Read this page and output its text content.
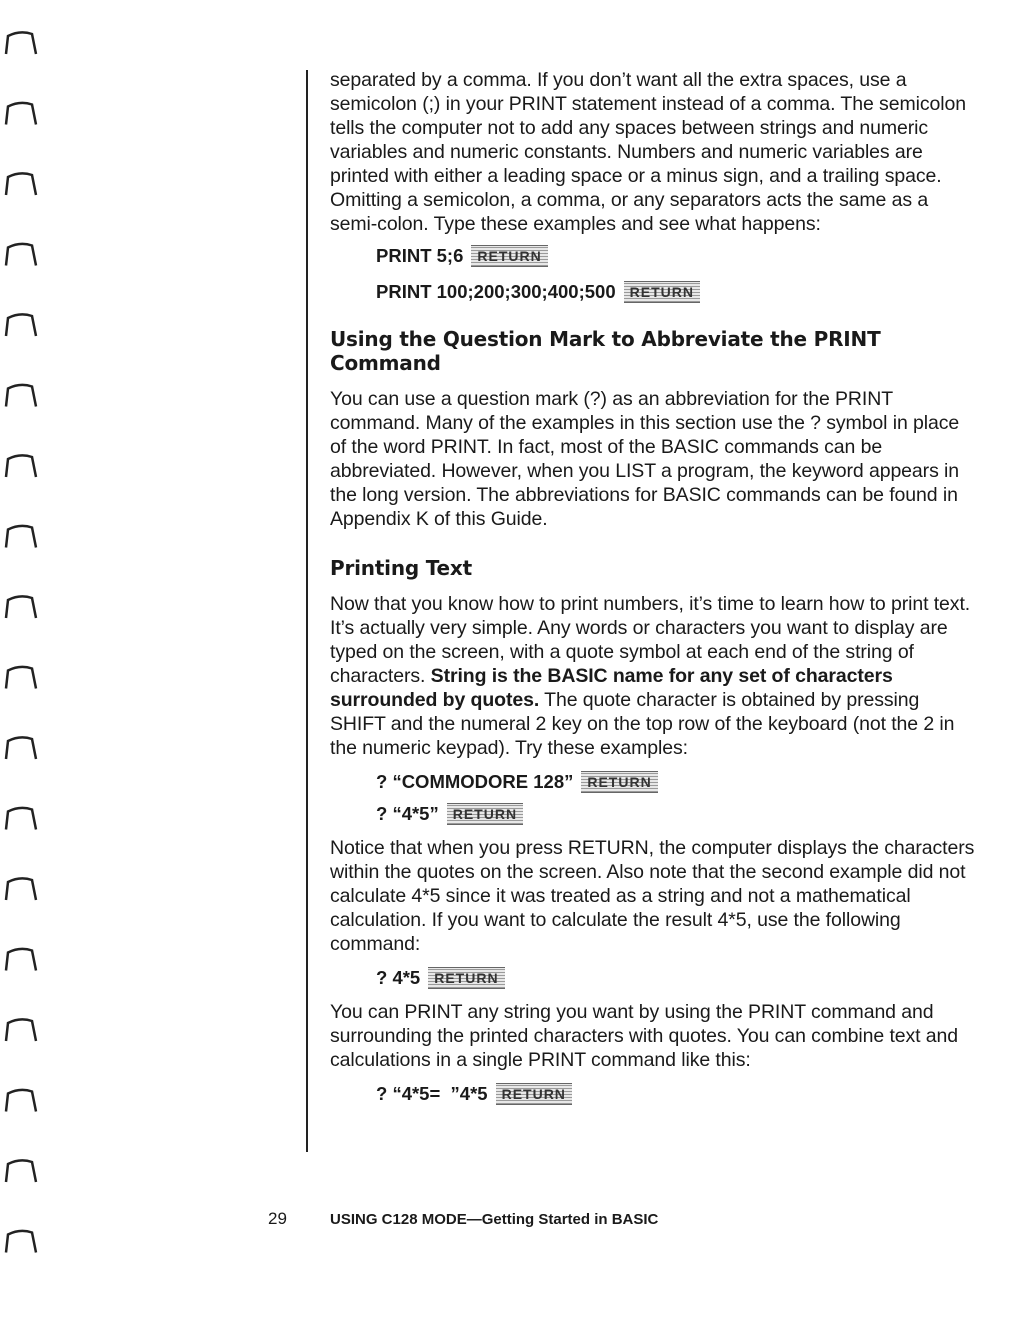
separated by a comma. If you don’t want all the extra spaces, use a semicolon (;) in your PRINT statement instead of a comma. The semicolon tells the computer not to add any spaces between strings and numeric variables and numeric constants. Numbers and numeric variables are printed with either a leading space or a minus sign, and a trailing space. Omitting a semicolon, a comma, or any separators acts the same as a semi-colon. Type these examples and see what happens:

PRINT 5;6	RETURN
PRINT 100;200;300;400;500	RETURN
Using the Question Mark to Abbreviate the PRINT Command

You can use a question mark (?) as an abbreviation for the PRINT command. Many of the examples in this section use the ? symbol in place of the word PRINT. In fact, most of the BASIC commands can be abbreviated. However, when you LIST a program, the keyword appears in the long version. The abbreviations for BASIC commands can be found in Appendix K of this Guide.

Printing Text

Now that you know how to print numbers, it’s time to learn how to print text. It’s actually very simple. Any words or characters you want to display are typed on the screen, with a quote symbol at each end of the string of characters. String is the BASIC name for any set of characters surrounded by quotes. The quote character is obtained by pressing SHIFT and the numeral 2 key on the top row of the keyboard (not the 2 in the numeric keypad). Try these examples:

? “COMMODORE 128”	RETURN
? “4*5”	RETURN

Notice that when you press RETURN, the computer displays the characters within the quotes on the screen. Also note that the second example did not calculate 4*5 since it was treated as a string and not a mathematical calculation. If you want to calculate the result 4*5, use the following command:

? 4*5	RETURN

You can PRINT any string you want by using the PRINT command and surrounding the printed characters with quotes. You can combine text and calculations in a single PRINT command like this:

? “4*5=  ”4*5	RETURN
29	USING C128 MODE—Getting Started in BASIC
